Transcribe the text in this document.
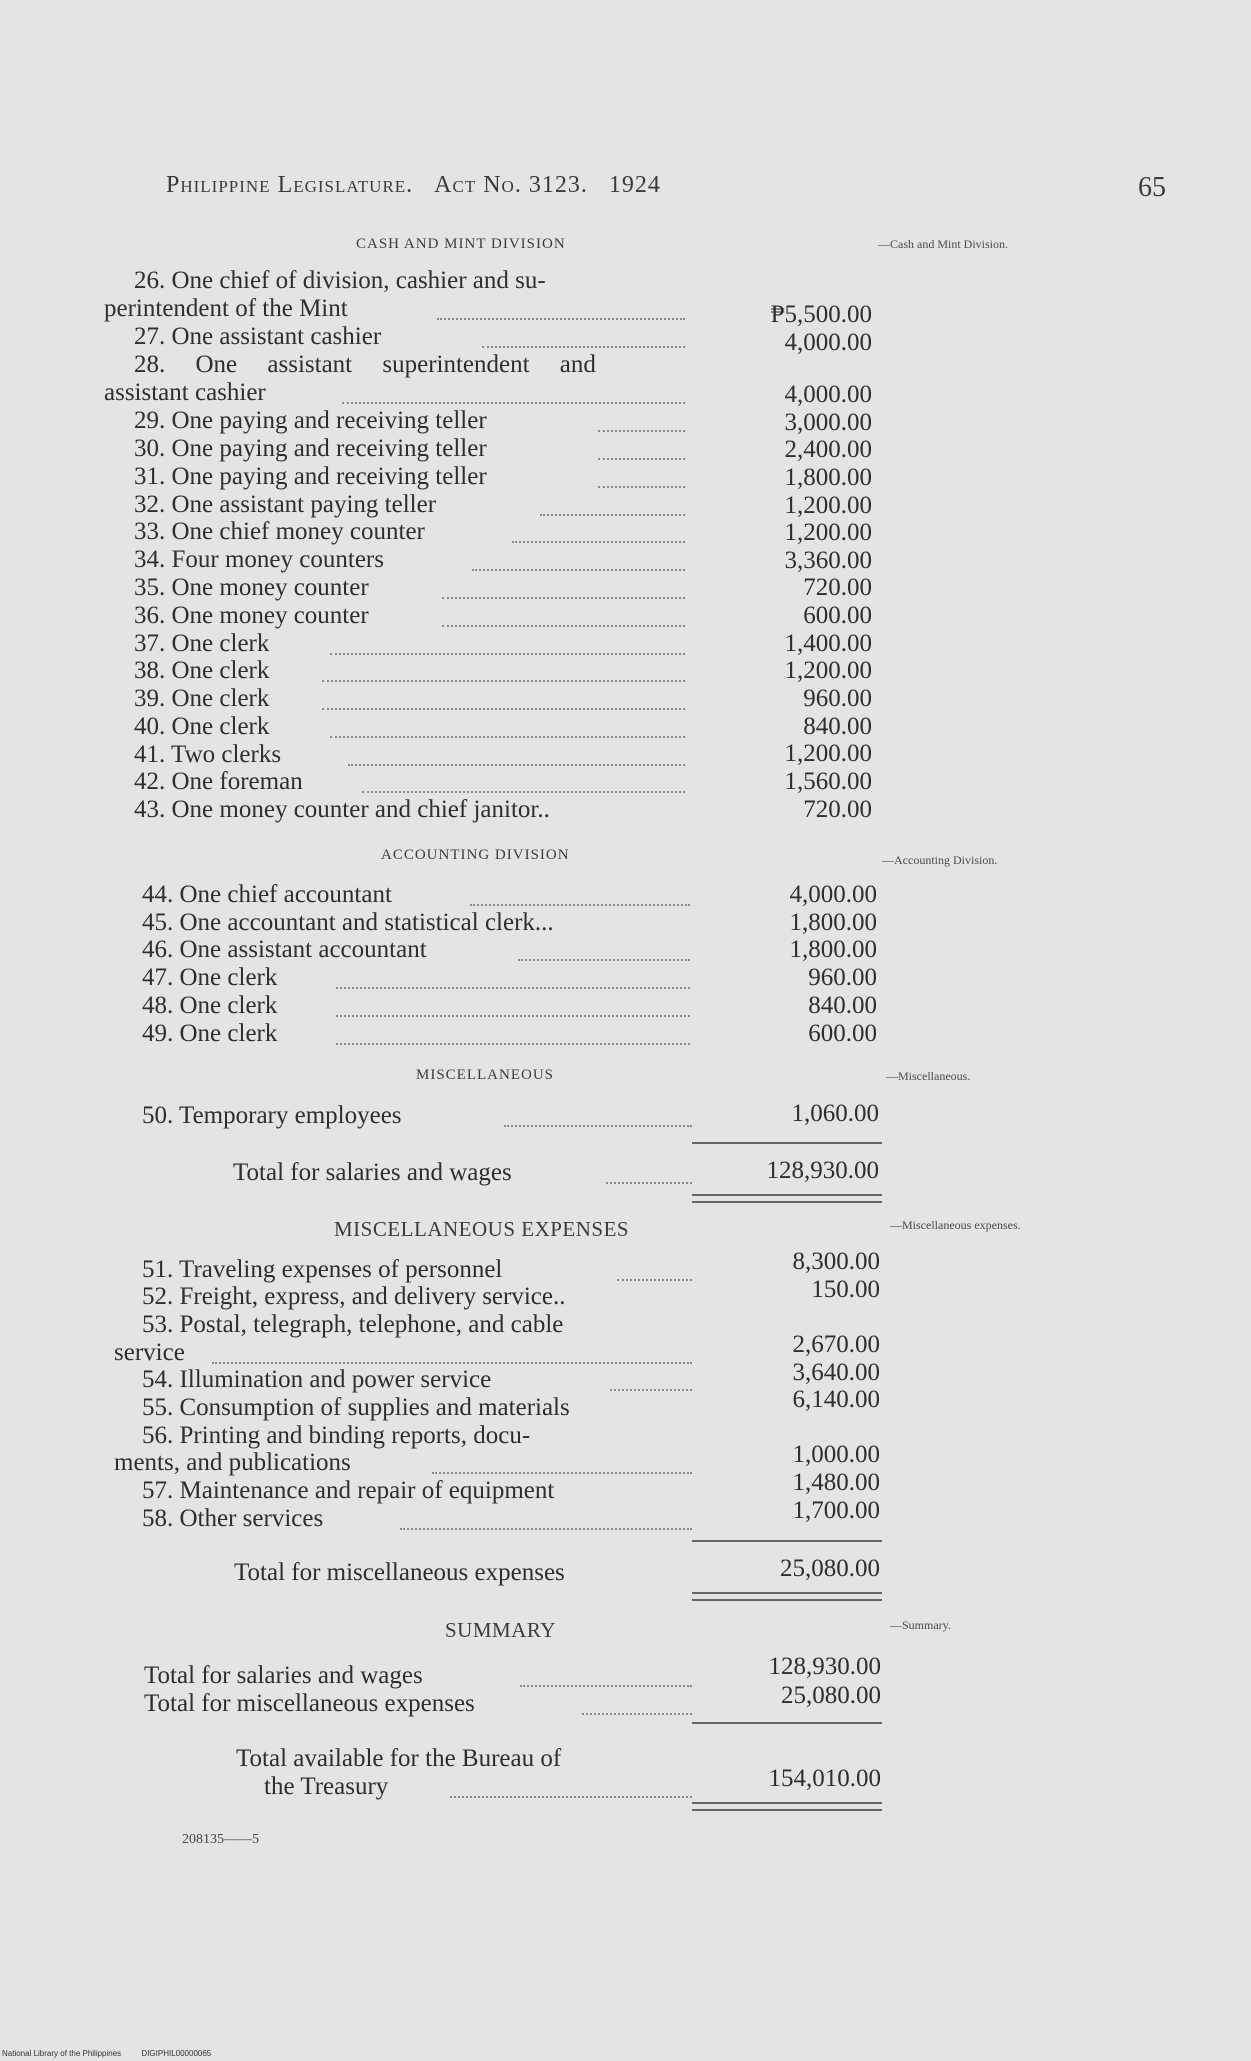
Philippine Legislature. Act No. 3123. 1924	65
CASH AND MINT DIVISION
ACCOUNTING DIVISION
MISCELLANEOUS
MISCELLANEOUS EXPENSES
SUMMARY
—Cash and Mint Division.
—Accounting Division.
—Miscellaneous.
—Miscellaneous expenses.
—Summary.
26. One chief of division, cashier and su-
perintendent of the Mint	₱5,500.00
27. One assistant cashier	4,000.00
28. One assistant superintendent and
assistant cashier	4,000.00
29. One paying and receiving teller	3,000.00
30. One paying and receiving teller	2,400.00
31. One paying and receiving teller	1,800.00
32. One assistant paying teller	1,200.00
33. One chief money counter	1,200.00
34. Four money counters	3,360.00
35. One money counter	720.00
36. One money counter	600.00
37. One clerk	1,400.00
38. One clerk	1,200.00
39. One clerk	960.00
40. One clerk	840.00
41. Two clerks	1,200.00
42. One foreman	1,560.00
43. One money counter and chief janitor..	720.00
44. One chief accountant	4,000.00
45. One accountant and statistical clerk...	1,800.00
46. One assistant accountant	1,800.00
47. One clerk	960.00
48. One clerk	840.00
49. One clerk	600.00
50. Temporary employees	1,060.00
Total for salaries and wages	128,930.00
51. Traveling expenses of personnel	8,300.00
52. Freight, express, and delivery service..	150.00
53. Postal, telegraph, telephone, and cable
service	2,670.00
54. Illumination and power service	3,640.00
55. Consumption of supplies and materials	6,140.00
56. Printing and binding reports, docu-
ments, and publications	1,000.00
57. Maintenance and repair of equipment	1,480.00
58. Other services	1,700.00
Total for miscellaneous expenses	25,080.00
Total for salaries and wages	128,930.00
Total for miscellaneous expenses	25,080.00
Total available for the Bureau of
the Treasury	154,010.00
208135——5
National Library of the Philippines	DIGIPHIL00000065
